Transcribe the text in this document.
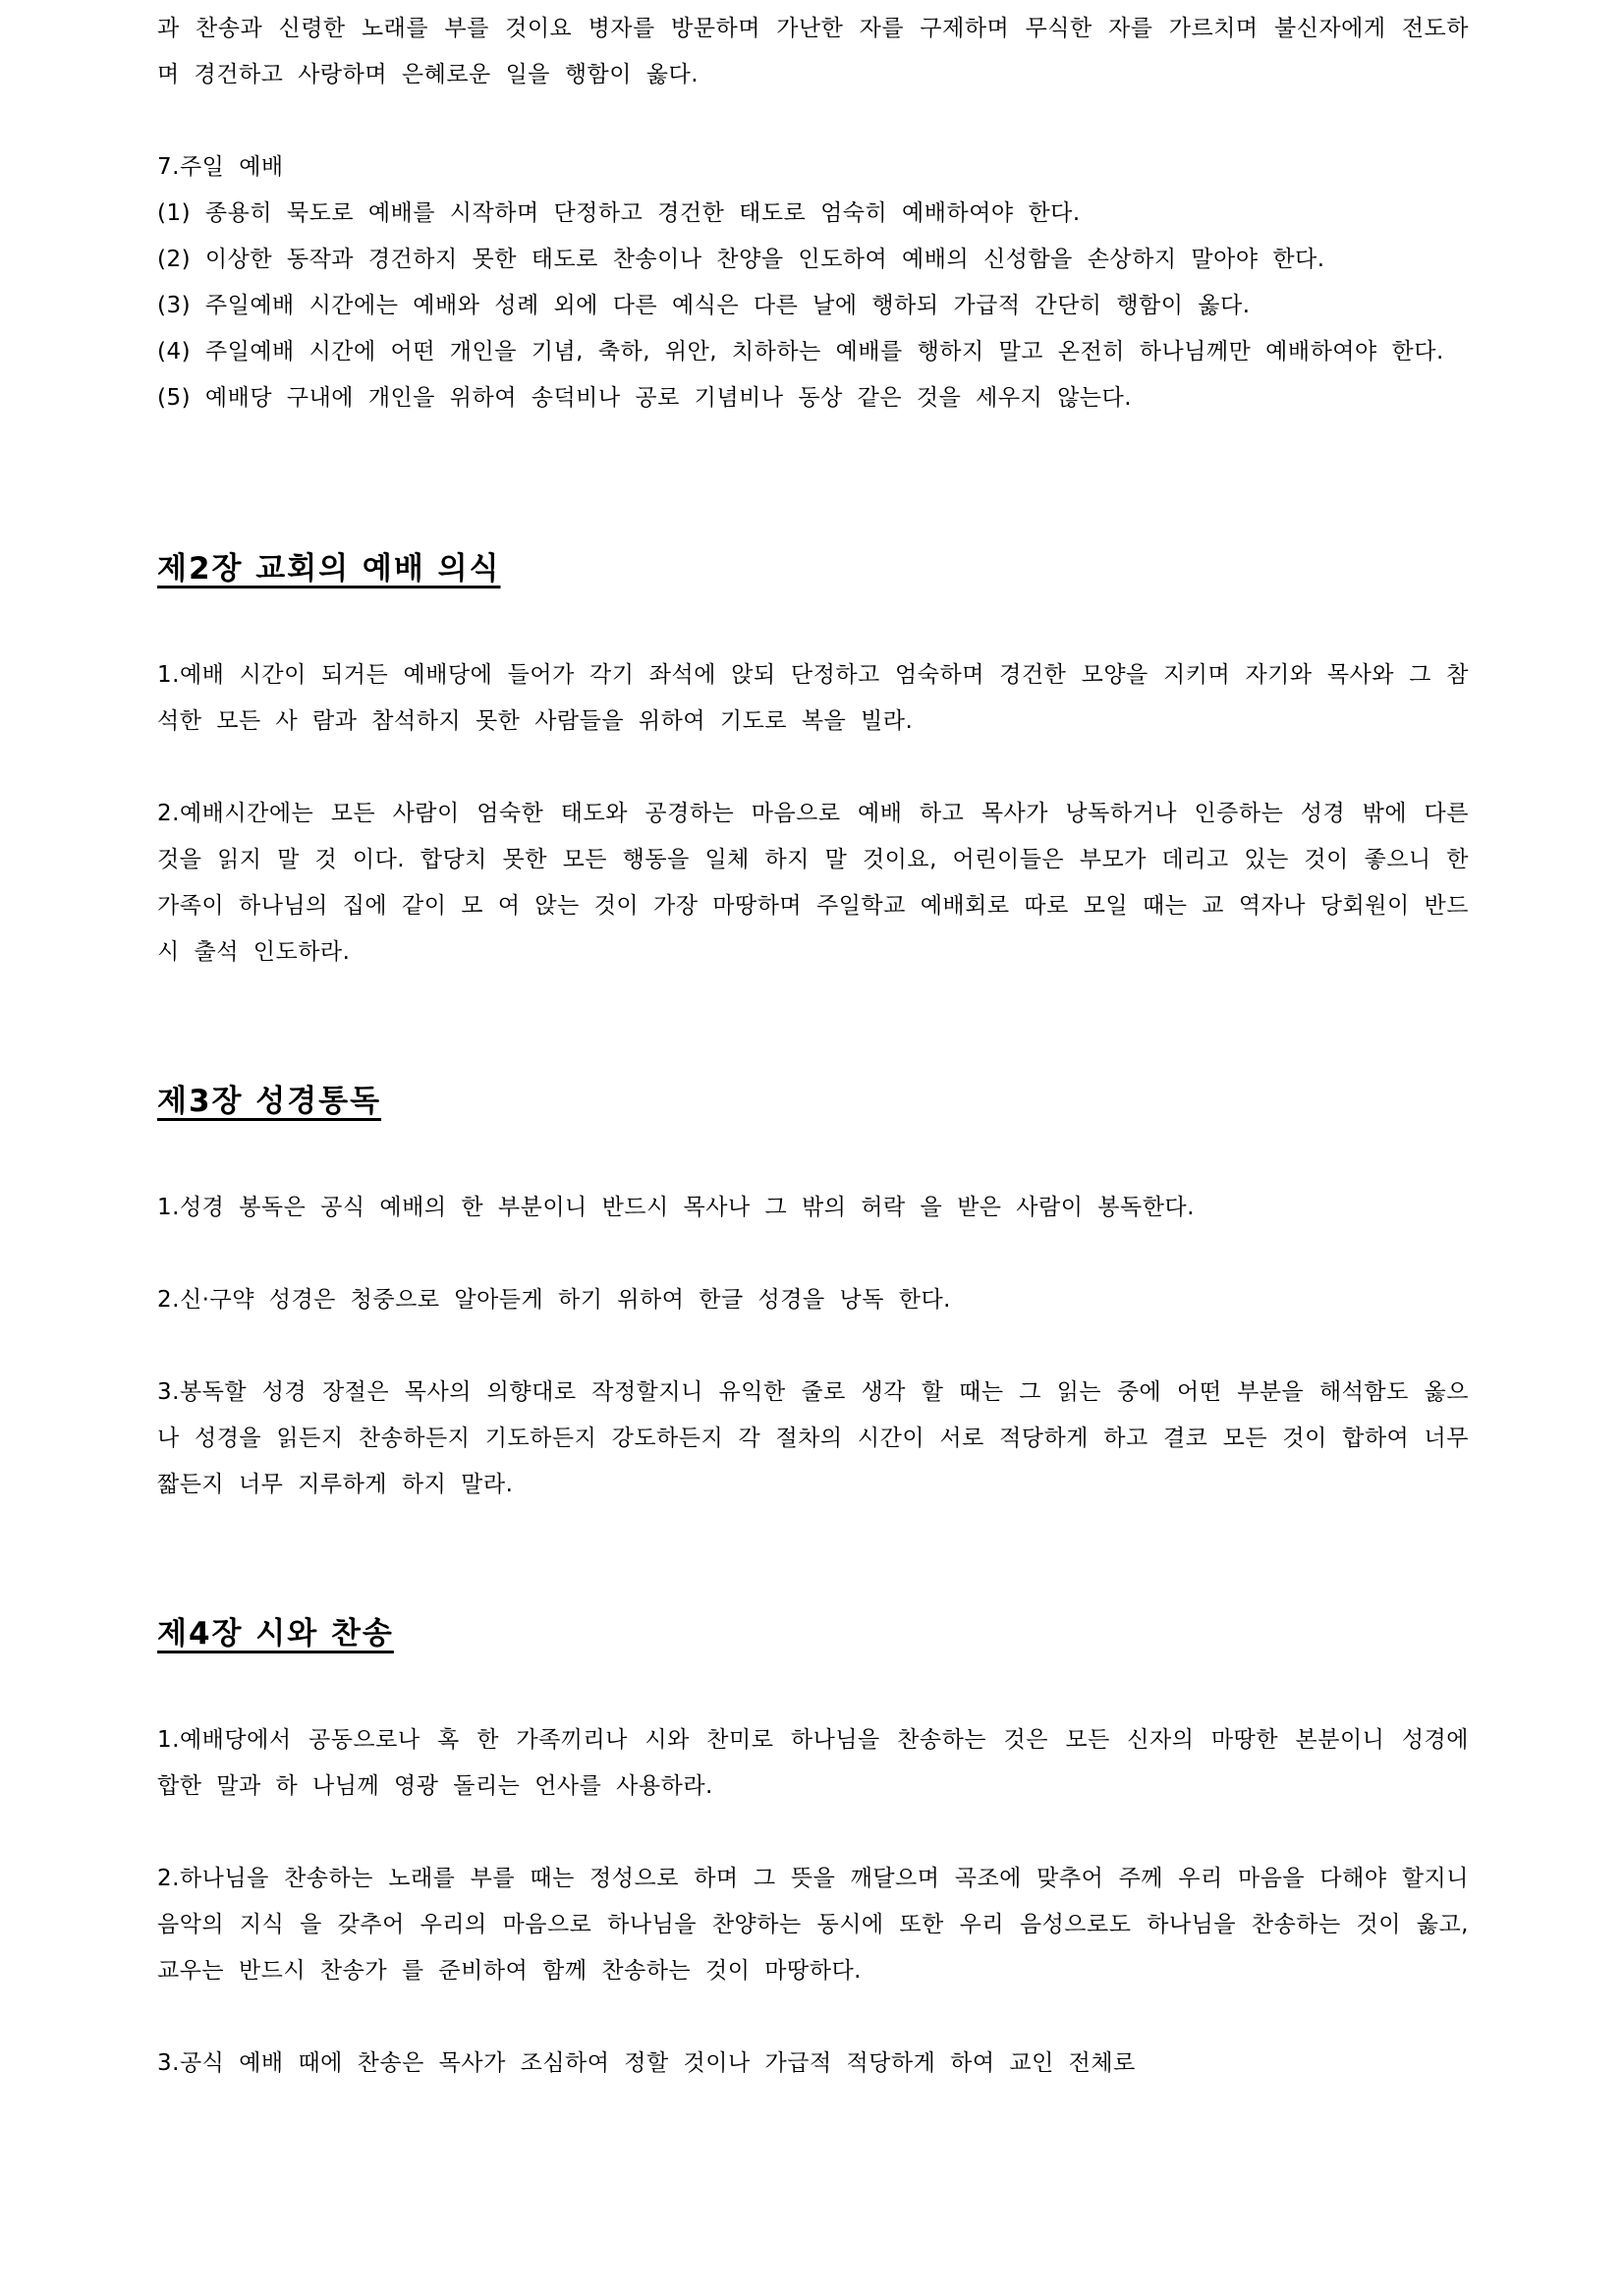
과 찬송과 신령한 노래를 부를 것이요 병자를 방문하며 가난한 자를 구제하며 무식한 자를 가르치며 불신자에게 전도하며 경건하고 사랑하며 은혜로운 일을 행함이 옳다.

7.주일 예배

(1) 종용히 묵도로 예배를 시작하며 단정하고 경건한 태도로 엄숙히 예배하여야 한다.

(2) 이상한 동작과 경건하지 못한 태도로 찬송이나 찬양을 인도하여 예배의 신성함을 손상하지 말아야 한다.

(3) 주일예배 시간에는 예배와 성례 외에 다른 예식은 다른 날에 행하되 가급적 간단히 행함이 옳다.

(4) 주일예배 시간에 어떤 개인을 기념, 축하, 위안, 치하하는 예배를 행하지 말고 온전히 하나님께만 예배하여야 한다.

(5) 예배당 구내에 개인을 위하여 송덕비나 공로 기념비나 동상 같은 것을 세우지 않는다.

제2장 교회의 예배 의식

1.예배 시간이 되거든 예배당에 들어가 각기 좌석에 앉되 단정하고 엄숙하며 경건한 모양을 지키며 자기와 목사와 그 참석한 모든 사 람과 참석하지 못한 사람들을 위하여 기도로 복을 빌라.

2.예배시간에는 모든 사람이 엄숙한 태도와 공경하는 마음으로 예배 하고 목사가 낭독하거나 인증하는 성경 밖에 다른 것을 읽지 말 것 이다. 합당치 못한 모든 행동을 일체 하지 말 것이요, 어린이들은 부모가 데리고 있는 것이 좋으니 한 가족이 하나님의 집에 같이 모 여 앉는 것이 가장 마땅하며 주일학교 예배회로 따로 모일 때는 교 역자나 당회원이 반드시 출석 인도하라.

제3장 성경통독

1.성경 봉독은 공식 예배의 한 부분이니 반드시 목사나 그 밖의 허락 을 받은 사람이 봉독한다.

2.신·구약 성경은 청중으로 알아듣게 하기 위하여 한글 성경을 낭독 한다.

3.봉독할 성경 장절은 목사의 의향대로 작정할지니 유익한 줄로 생각 할 때는 그 읽는 중에 어떤 부분을 해석함도 옳으나 성경을 읽든지 찬송하든지 기도하든지 강도하든지 각 절차의 시간이 서로 적당하게 하고 결코 모든 것이 합하여 너무 짧든지 너무 지루하게 하지 말라.

제4장 시와 찬송

1.예배당에서 공동으로나 혹 한 가족끼리나 시와 찬미로 하나님을 찬송하는 것은 모든 신자의 마땅한 본분이니 성경에 합한 말과 하 나님께 영광 돌리는 언사를 사용하라.

2.하나님을 찬송하는 노래를 부를 때는 정성으로 하며 그 뜻을 깨달으며 곡조에 맞추어 주께 우리 마음을 다해야 할지니 음악의 지식 을 갖추어 우리의 마음으로 하나님을 찬양하는 동시에 또한 우리 음성으로도 하나님을 찬송하는 것이 옳고, 교우는 반드시 찬송가 를 준비하여 함께 찬송하는 것이 마땅하다.

3.공식 예배 때에 찬송은 목사가 조심하여 정할 것이나 가급적 적당하게 하여 교인 전체로
